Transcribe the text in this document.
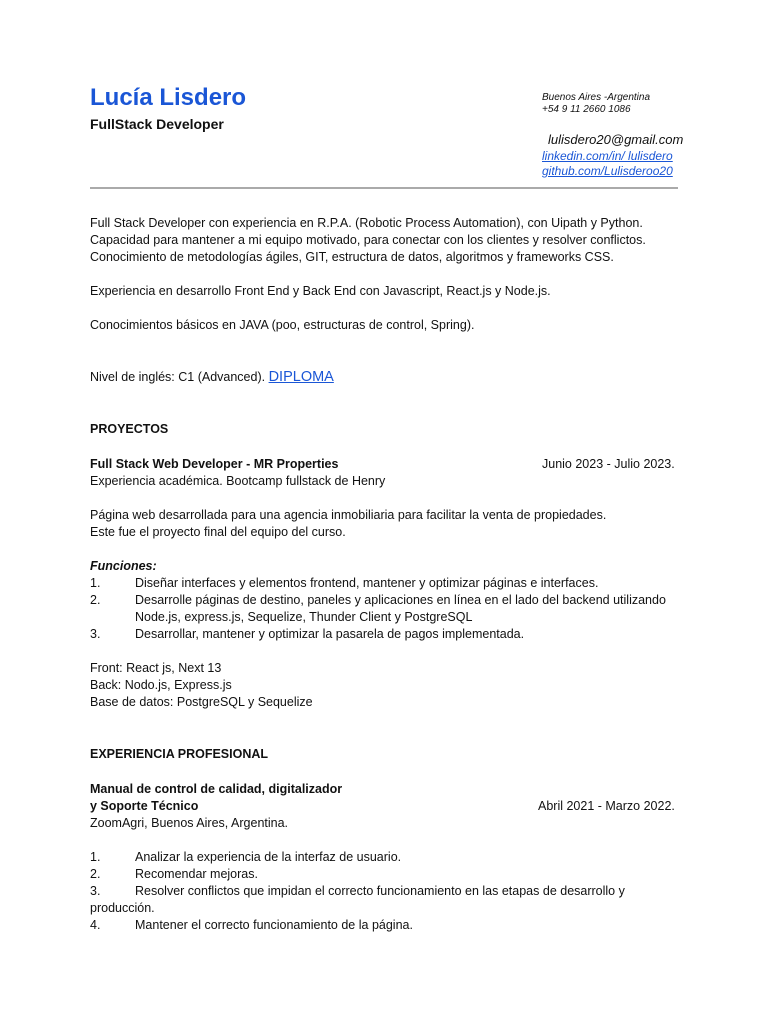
Lucía Lisdero
FullStack Developer
Buenos Aires -Argentina
+54 9 11 2660 1086
lulisdero20@gmail.com
linkedin.com/in/ lulisdero
github.com/Lulisderoo20
Full Stack Developer con experiencia en R.P.A. (Robotic Process Automation), con Uipath y Python.
Capacidad para mantener a mi equipo motivado, para conectar con los clientes y resolver conflictos.
Conocimiento de metodologías ágiles, GIT, estructura de datos, algoritmos y frameworks CSS.
Experiencia en desarrollo Front End y Back End con Javascript, React.js y Node.js.
Conocimientos básicos en JAVA (poo, estructuras de control, Spring).
Nivel de inglés: C1 (Advanced). DIPLOMA
PROYECTOS
Full Stack Web Developer - MR Properties	Junio 2023 - Julio 2023.
Experiencia académica. Bootcamp fullstack de Henry
Página web desarrollada para una agencia inmobiliaria para facilitar la venta de propiedades.
Este fue el proyecto final del equipo del curso.
Funciones:
1.	Diseñar interfaces y elementos frontend, mantener y optimizar páginas e interfaces.
2.	Desarrolle páginas de destino, paneles y aplicaciones en línea en el lado del backend utilizando
Node.js, express.js, Sequelize, Thunder Client y PostgreSQL
3.	Desarrollar, mantener y optimizar la pasarela de pagos implementada.
Front: React js, Next 13
Back: Nodo.js, Express.js
Base de datos: PostgreSQL y Sequelize
EXPERIENCIA PROFESIONAL
Manual de control de calidad, digitalizador
y Soporte Técnico	Abril 2021 - Marzo 2022.
ZoomAgri, Buenos Aires, Argentina.
1.	Analizar la experiencia de la interfaz de usuario.
2.	Recomendar mejoras.
3.	Resolver conflictos que impidan el correcto funcionamiento en las etapas de desarrollo y
producción.
4.	Mantener el correcto funcionamiento de la página.
